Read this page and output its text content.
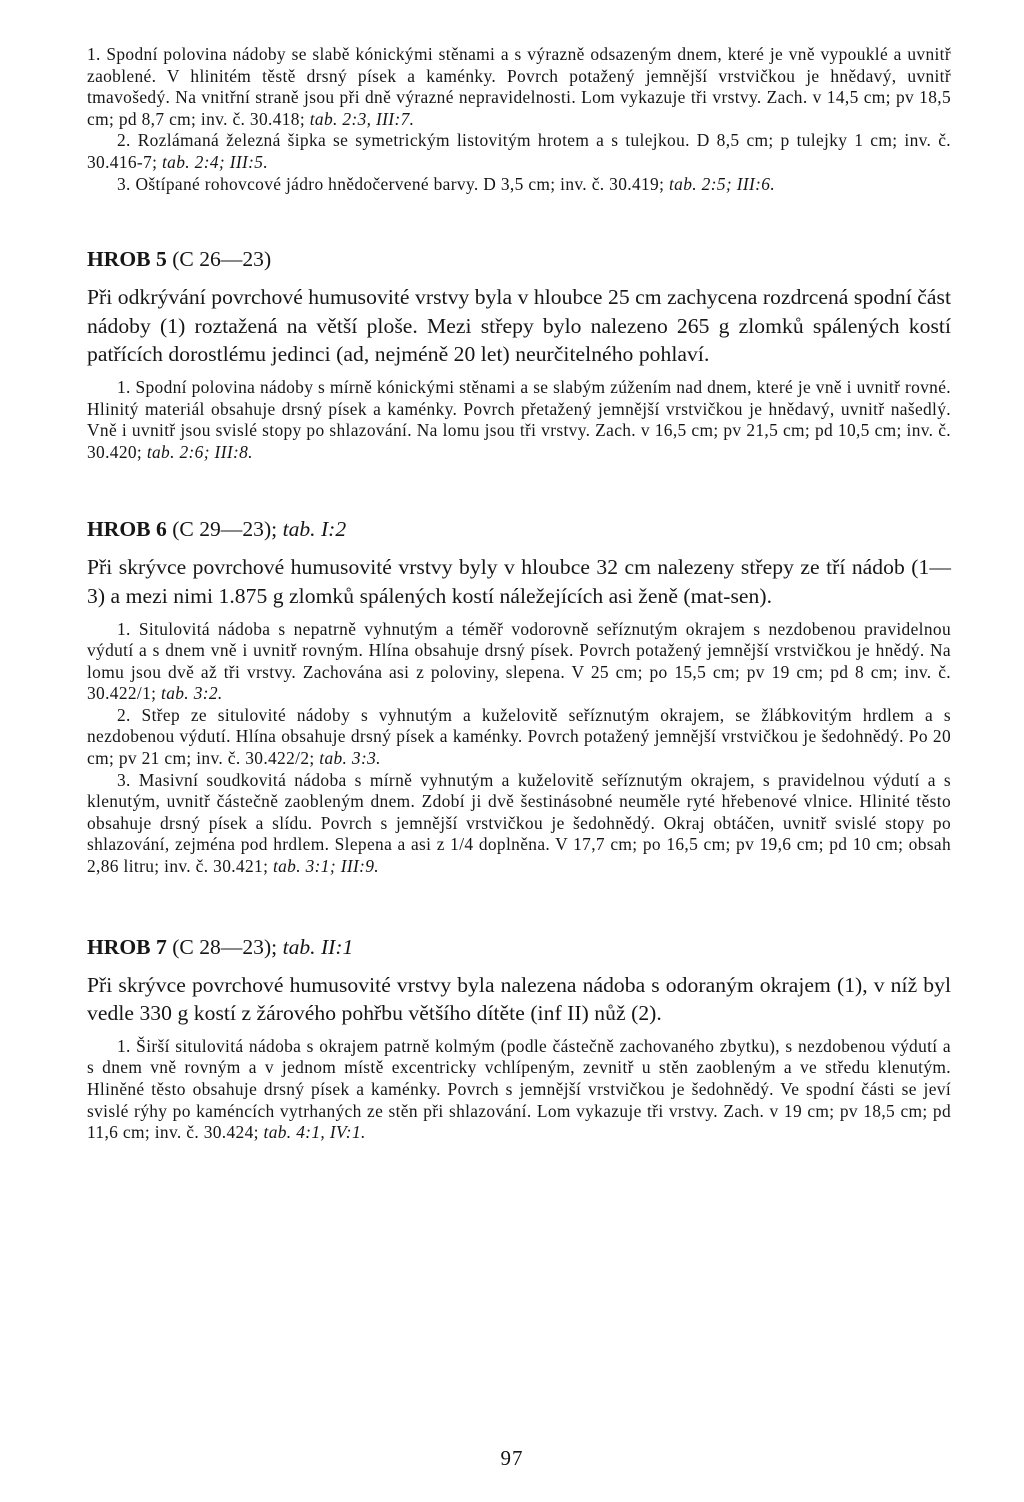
1. Spodní polovina nádoby se slabě kónickými stěnami a s výrazně odsazeným dnem, které je vně vypouklé a uvnitř zaoblené. V hlinitém těstě drsný písek a kaménky. Povrch potažený jemnější vrstvičkou je hnědavý, uvnitř tmavošedý. Na vnitřní straně jsou při dně výrazné nepravidelnosti. Lom vykazuje tři vrstvy. Zach. v 14,5 cm; pv 18,5 cm; pd 8,7 cm; inv. č. 30.418; tab. 2:3, III:7.

2. Rozlámaná železná šipka se symetrickým listovitým hrotem a s tulejkou. D 8,5 cm; p tulejky 1 cm; inv. č. 30.416-7; tab. 2:4; III:5.

3. Oštípané rohovcové jádro hnědočervené barvy. D 3,5 cm; inv. č. 30.419; tab. 2:5; III:6.

HROB 5 (C 26—23)

Při odkrývání povrchové humusovité vrstvy byla v hloubce 25 cm zachycena rozdrcená spodní část nádoby (1) roztažená na větší ploše. Mezi střepy bylo nalezeno 265 g zlomků spálených kostí patřících dorostlému jedinci (ad, nejméně 20 let) neurčitelného pohlaví.

1. Spodní polovina nádoby s mírně kónickými stěnami a se slabým zúžením nad dnem, které je vně i uvnitř rovné. Hlinitý materiál obsahuje drsný písek a kaménky. Povrch přetažený jemnější vrstvičkou je hnědavý, uvnitř našedlý. Vně i uvnitř jsou svislé stopy po shlazování. Na lomu jsou tři vrstvy. Zach. v 16,5 cm; pv 21,5 cm; pd 10,5 cm; inv. č. 30.420; tab. 2:6; III:8.

HROB 6 (C 29—23); tab. I:2

Při skrývce povrchové humusovité vrstvy byly v hloubce 32 cm nalezeny střepy ze tří nádob (1—3) a mezi nimi 1.875 g zlomků spálených kostí náležejících asi ženě (mat-sen).

1. Situlovitá nádoba s nepatrně vyhnutým a téměř vodorovně seříznutým okrajem s nezdobenou pravidelnou výdutí a s dnem vně i uvnitř rovným. Hlína obsahuje drsný písek. Povrch potažený jemnější vrstvičkou je hnědý. Na lomu jsou dvě až tři vrstvy. Zachována asi z poloviny, slepena. V 25 cm; po 15,5 cm; pv 19 cm; pd 8 cm; inv. č. 30.422/1; tab. 3:2.

2. Střep ze situlovité nádoby s vyhnutým a kuželovitě seříznutým okrajem, se žlábkovitým hrdlem a s nezdobenou výdutí. Hlína obsahuje drsný písek a kaménky. Povrch potažený jemnější vrstvičkou je šedohnědý. Po 20 cm; pv 21 cm; inv. č. 30.422/2; tab. 3:3.

3. Masivní soudkovitá nádoba s mírně vyhnutým a kuželovitě seříznutým okrajem, s pravidelnou výdutí a s klenutým, uvnitř částečně zaobleným dnem. Zdobí ji dvě šestinásobné neuměle ryté hřebenové vlnice. Hlinité těsto obsahuje drsný písek a slídu. Povrch s jemnější vrstvičkou je šedohnědý. Okraj obtáčen, uvnitř svislé stopy po shlazování, zejména pod hrdlem. Slepena a asi z 1/4 doplněna. V 17,7 cm; po 16,5 cm; pv 19,6 cm; pd 10 cm; obsah 2,86 litru; inv. č. 30.421; tab. 3:1; III:9.

HROB 7 (C 28—23); tab. II:1

Při skrývce povrchové humusovité vrstvy byla nalezena nádoba s odoraným okrajem (1), v níž byl vedle 330 g kostí z žárového pohřbu většího dítěte (inf II) nůž (2).

1. Širší situlovitá nádoba s okrajem patrně kolmým (podle částečně zachovaného zbytku), s nezdobenou výdutí a s dnem vně rovným a v jednom místě excentricky vchlípeným, zevnitř u stěn zaobleným a ve středu klenutým. Hliněné těsto obsahuje drsný písek a kaménky. Povrch s jemnější vrstvičkou je šedohnědý. Ve spodní části se jeví svislé rýhy po kaméncích vytrhaných ze stěn při shlazování. Lom vykazuje tři vrstvy. Zach. v 19 cm; pv 18,5 cm; pd 11,6 cm; inv. č. 30.424; tab. 4:1, IV:1.

97
